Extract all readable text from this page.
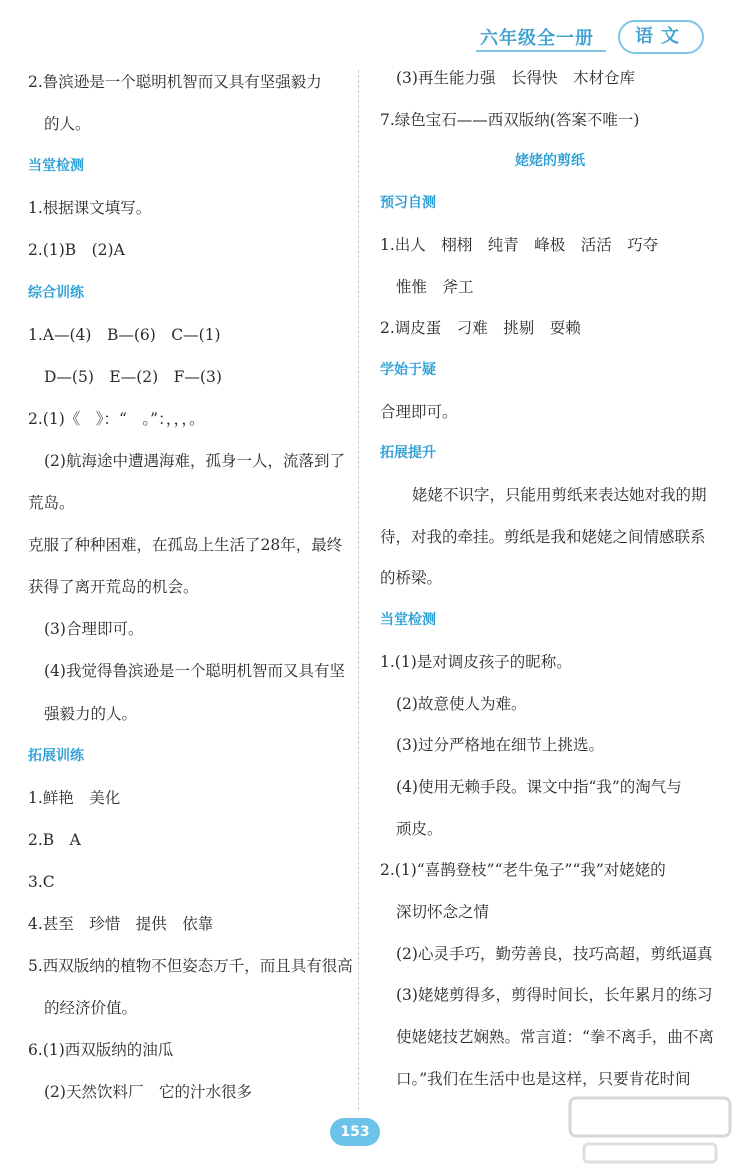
六年级全一册	语文
2.鲁滨逊是一个聪明机智而又具有坚强毅力
的人。
当堂检测
1.根据课文填写。
2.(1)B　(2)A
综合训练
1.A—(4)　B—(6)　C—(1)
D—(5)　E—(2)　F—(3)
2.(1)《　》：“　。”：，，，。
(2)航海途中遭遇海难，孤身一人，流落到了
荒岛。
克服了种种困难，在孤岛上生活了28年，最终
获得了离开荒岛的机会。
(3)合理即可。
(4)我觉得鲁滨逊是一个聪明机智而又具有坚
强毅力的人。
拓展训练
1.鲜艳　美化
2.B　A
3.C
4.甚至　珍惜　提供　依靠
5.西双版纳的植物不但姿态万千，而且具有很高
的经济价值。
6.(1)西双版纳的油瓜
(2)天然饮料厂　它的汁水很多
(3)再生能力强　长得快　木材仓库
7.绿色宝石——西双版纳(答案不唯一)
姥姥的剪纸
预习自测
1.出人　栩栩　纯青　峰极　活活　巧夺
惟惟　斧工
2.调皮蛋　刁难　挑剔　耍赖
学始于疑
合理即可。
拓展提升
姥姥不识字，只能用剪纸来表达她对我的期
待，对我的牵挂。剪纸是我和姥姥之间情感联系
的桥梁。
当堂检测
1.(1)是对调皮孩子的昵称。
(2)故意使人为难。
(3)过分严格地在细节上挑选。
(4)使用无赖手段。课文中指“我”的淘气与
顽皮。
2.(1)“喜鹊登枝”“老牛兔子”“我”对姥姥的
深切怀念之情
(2)心灵手巧，勤劳善良，技巧高超，剪纸逼真
(3)姥姥剪得多，剪得时间长，长年累月的练习
使姥姥技艺娴熟。常言道：“拳不离手，曲不离
口。”我们在生活中也是这样，只要肯花时间
153
